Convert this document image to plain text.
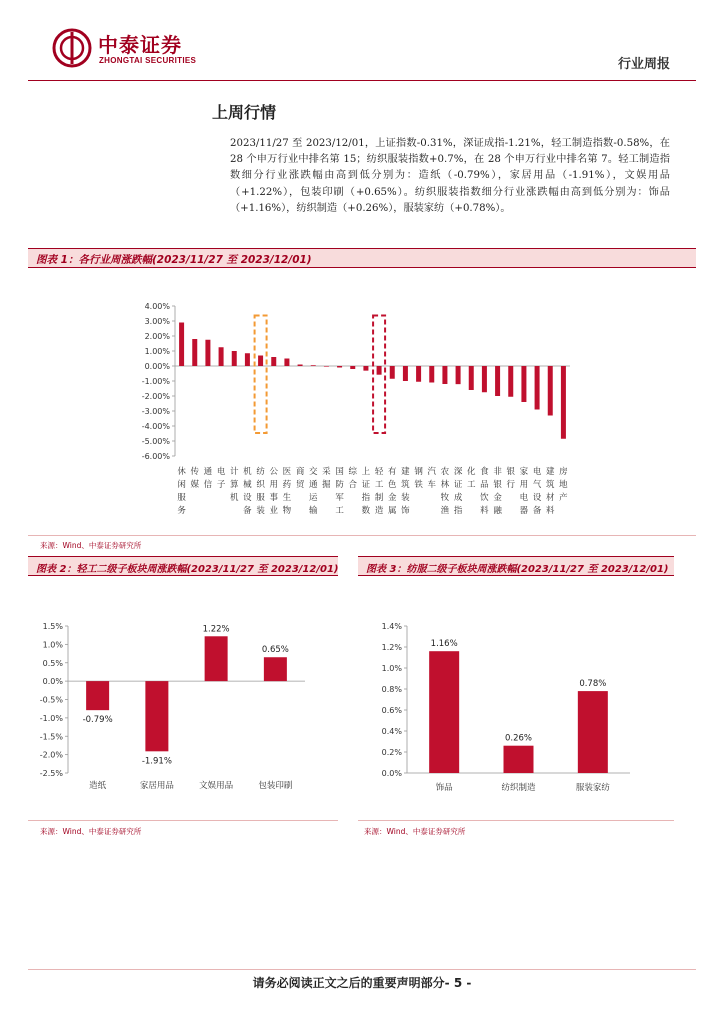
中泰证券
ZHONGTAI SECURITIES	行业周报
上周行情
2023/11/27 至 2023/12/01，上证指数-0.31%，深证成指-1.21%，轻工制造指数-0.58%，在 28 个申万行业中排名第 15；纺织服装指数+0.7%，在 28 个申万行业中排名第 7。轻工制造指数细分行业涨跌幅由高到低分别为：造纸（-0.79%），家居用品（-1.91%），文娱用品（+1.22%），包装印刷（+0.65%）。纺织服装指数细分行业涨跌幅由高到低分别为：饰品（+1.16%），纺织制造（+0.26%），服装家纺（+0.78%）。
图表 1：各行业周涨跌幅(2023/11/27 至 2023/12/01)
4.00%
3.00%
2.00%
1.00%
0.00%
-1.00%
-2.00%
-3.00%
-4.00%
-5.00%
-6.00%
休
闲
服
务
传
媒
通
信
电
子
计
算
机
机
械
设
备
纺
织
服
装
公
用
事
业
医
药
生
物
商
贸
交
通
运
输
采
掘
国
防
军
工
综
合
上
证
指
数
轻
工
制
造
有
色
金
属
建
筑
装
饰
钢
铁
汽
车
农
林
牧
渔
深
证
成
指
化
工
食
品
饮
料
非
银
金
融
银
行
家
用
电
器
电
气
设
备
建
筑
材
料
房
地
产
来源：Wind、中泰证券研究所
图表 2：轻工二级子板块周涨跌幅(2023/11/27 至 2023/12/01)
1.5%
1.0%
0.5%
0.0%
-0.5%
-1.0%
-1.5%
-2.0%
-2.5%
-0.79%
造纸
-1.91%
家居用品
1.22%
文娱用品
0.65%
包装印刷
来源：Wind、中泰证券研究所
图表 3：纺服二级子板块周涨跌幅(2023/11/27 至 2023/12/01)
1.4%
1.2%
1.0%
0.8%
0.6%
0.4%
0.2%
0.0%
1.16%
饰品
0.26%
纺织制造
0.78%
服装家纺
来源：Wind、中泰证券研究所
请务必阅读正文之后的重要声明部分- 5 -
